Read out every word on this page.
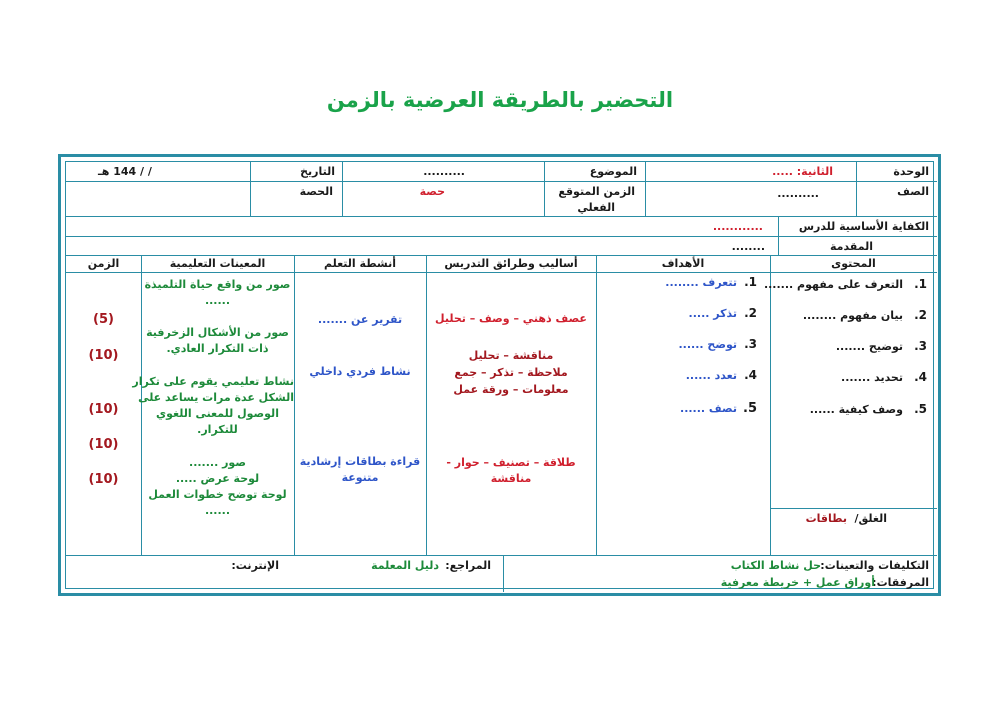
التحضير بالطريقة العرضية بالزمن
الوحدة
الثانية: .....
الموضوع
..........
التاريخ
/ / 144 هـ
الصف
..........
الزمن المتوقع
الفعلي
حصة
الحصة
الكفاية الأساسية للدرس
............
المقدمة
........
المحتوى
الأهداف
أساليب وطرائق التدريس
أنشطة التعلم
المعينات التعليمية
الزمن
1.
التعرف على مفهوم .......
2.
بيان مفهوم ........
3.
توضيح .......
4.
تحديد .......
5.
وصف كيفية ......
الغلق/
بطاقات
1.
تتعرف ........
2.
تذكر .....
3.
توضح ......
4.
تعدد ......
5.
تصف ......
عصف ذهني – وصف – تحليل
مناقشة – تحليل
ملاحظة – تذكر – جمع
معلومات – ورقة عمل
طلاقة – تصنيف – حوار -
مناقشة
تقرير عن .......
نشاط فردي داخلي
قراءة بطاقات إرشادية
متنوعة
صور من واقع حياة التلميذة
......
صور من الأشكال الزخرفية
ذات التكرار العادي.
نشاط تعليمي يقوم على تكرار
الشكل عدة مرات يساعد على
الوصول للمعنى اللغوي
للتكرار.
صور .......
لوحة عرض .....
لوحة توضح خطوات العمل
......
(5)
(10)
(10)
(10)
(10)
التكليفات والتعينات:
حل نشاط الكتاب
المرفقات:
أوراق عمل + خريطة معرفية
المراجع:
دليل المعلمة
الإنترنت:
